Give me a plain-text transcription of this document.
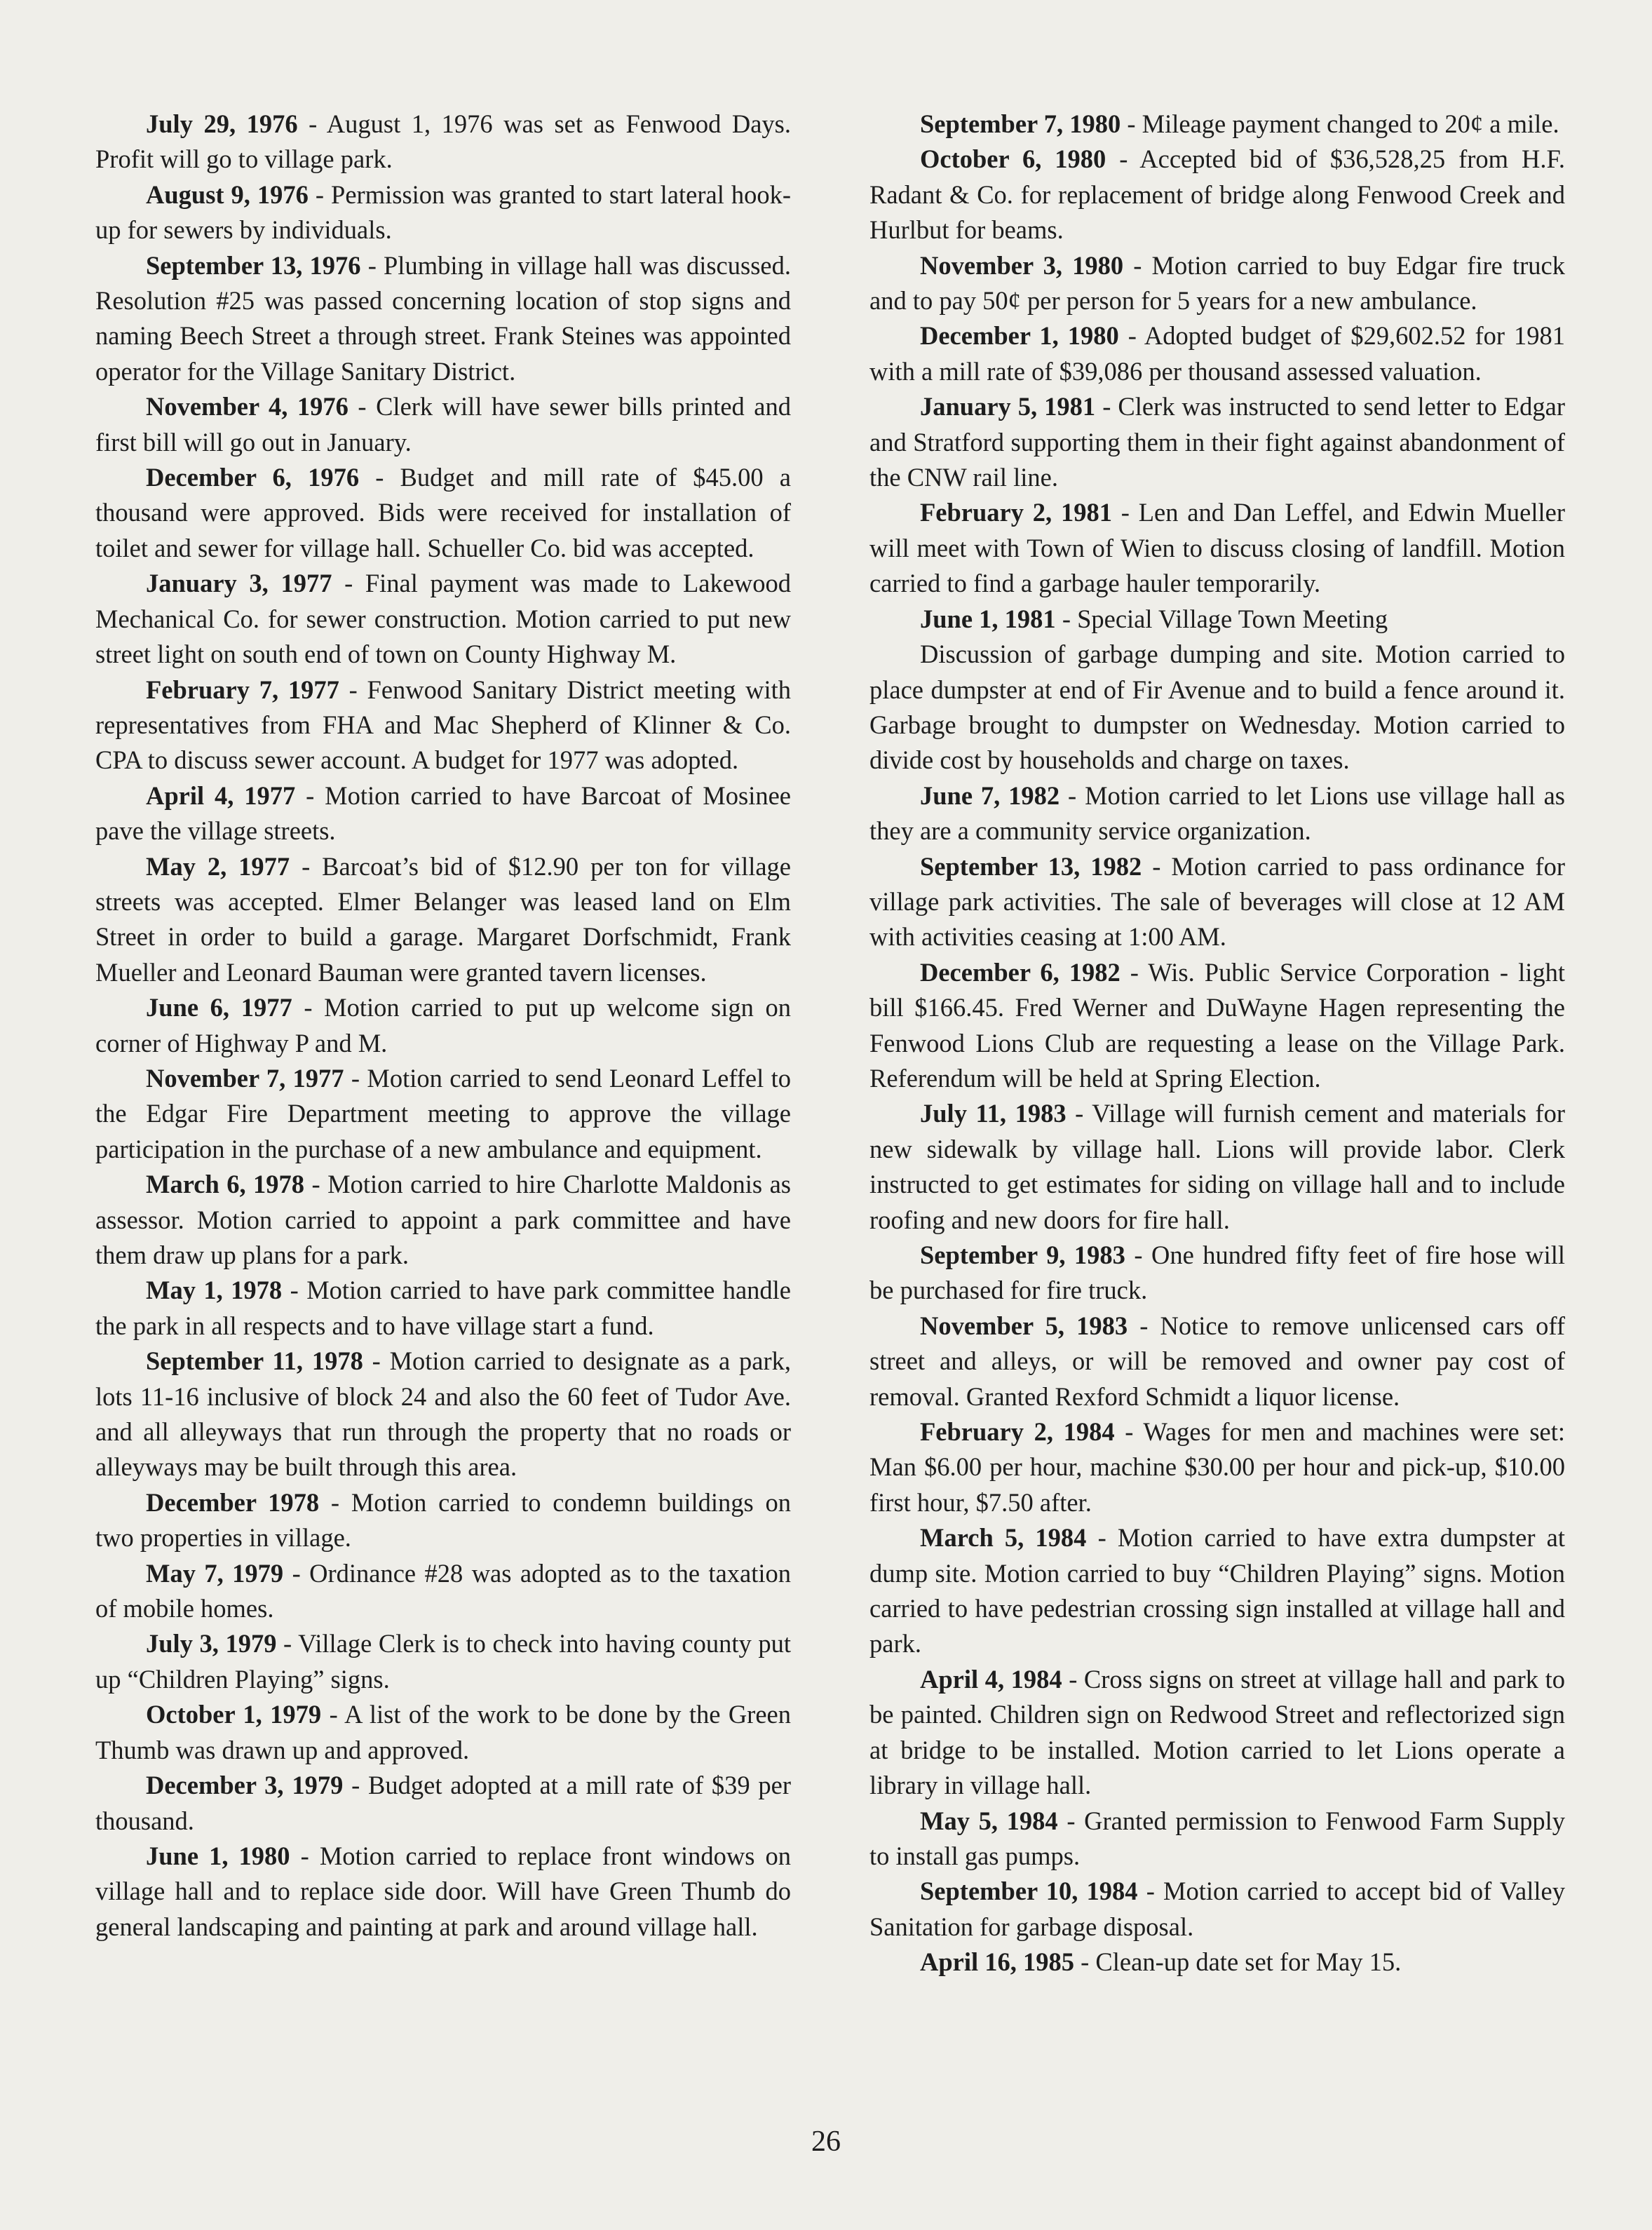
July 29, 1976 - August 1, 1976 was set as Fenwood Days. Profit will go to village park.

August 9, 1976 - Permission was granted to start lateral hook-up for sewers by individuals.

September 13, 1976 - Plumbing in village hall was discussed. Resolution #25 was passed concerning location of stop signs and naming Beech Street a through street. Frank Steines was appointed operator for the Village Sanitary District.

November 4, 1976 - Clerk will have sewer bills printed and first bill will go out in January.

December 6, 1976 - Budget and mill rate of $45.00 a thousand were approved. Bids were received for installation of toilet and sewer for village hall. Schueller Co. bid was accepted.

January 3, 1977 - Final payment was made to Lakewood Mechanical Co. for sewer construction. Motion carried to put new street light on south end of town on County Highway M.

February 7, 1977 - Fenwood Sanitary District meeting with representatives from FHA and Mac Shepherd of Klinner & Co. CPA to discuss sewer account. A budget for 1977 was adopted.

April 4, 1977 - Motion carried to have Barcoat of Mosinee pave the village streets.

May 2, 1977 - Barcoat’s bid of $12.90 per ton for village streets was accepted. Elmer Belanger was leased land on Elm Street in order to build a garage. Margaret Dorfschmidt, Frank Mueller and Leonard Bauman were granted tavern licenses.

June 6, 1977 - Motion carried to put up welcome sign on corner of Highway P and M.

November 7, 1977 - Motion carried to send Leonard Leffel to the Edgar Fire Department meeting to approve the village participation in the purchase of a new ambulance and equipment.

March 6, 1978 - Motion carried to hire Charlotte Maldonis as assessor. Motion carried to appoint a park committee and have them draw up plans for a park.

May 1, 1978 - Motion carried to have park committee handle the park in all respects and to have village start a fund.

September 11, 1978 - Motion carried to designate as a park, lots 11-16 inclusive of block 24 and also the 60 feet of Tudor Ave. and all alleyways that run through the property that no roads or alleyways may be built through this area.

December 1978 - Motion carried to condemn buildings on two properties in village.

May 7, 1979 - Ordinance #28 was adopted as to the taxation of mobile homes.

July 3, 1979 - Village Clerk is to check into having county put up “Children Playing” signs.

October 1, 1979 - A list of the work to be done by the Green Thumb was drawn up and approved.

December 3, 1979 - Budget adopted at a mill rate of $39 per thousand.

June 1, 1980 - Motion carried to replace front windows on village hall and to replace side door. Will have Green Thumb do general landscaping and painting at park and around village hall.

September 7, 1980 - Mileage payment changed to 20¢ a mile.

October 6, 1980 - Accepted bid of $36,528,25 from H.F. Radant & Co. for replacement of bridge along Fenwood Creek and Hurlbut for beams.

November 3, 1980 - Motion carried to buy Edgar fire truck and to pay 50¢ per person for 5 years for a new ambulance.

December 1, 1980 - Adopted budget of $29,602.52 for 1981 with a mill rate of $39,086 per thousand assessed valuation.

January 5, 1981 - Clerk was instructed to send letter to Edgar and Stratford supporting them in their fight against abandonment of the CNW rail line.

February 2, 1981 - Len and Dan Leffel, and Edwin Mueller will meet with Town of Wien to discuss closing of landfill. Motion carried to find a garbage hauler temporarily.

June 1, 1981 - Special Village Town Meeting

Discussion of garbage dumping and site. Motion carried to place dumpster at end of Fir Avenue and to build a fence around it. Garbage brought to dumpster on Wednesday. Motion carried to divide cost by households and charge on taxes.

June 7, 1982 - Motion carried to let Lions use village hall as they are a community service organization.

September 13, 1982 - Motion carried to pass ordinance for village park activities. The sale of beverages will close at 12 AM with activities ceasing at 1:00 AM.

December 6, 1982 - Wis. Public Service Corporation - light bill $166.45. Fred Werner and DuWayne Hagen representing the Fenwood Lions Club are requesting a lease on the Village Park. Referendum will be held at Spring Election.

July 11, 1983 - Village will furnish cement and materials for new sidewalk by village hall. Lions will provide labor. Clerk instructed to get estimates for siding on village hall and to include roofing and new doors for fire hall.

September 9, 1983 - One hundred fifty feet of fire hose will be purchased for fire truck.

November 5, 1983 - Notice to remove unlicensed cars off street and alleys, or will be removed and owner pay cost of removal. Granted Rexford Schmidt a liquor license.

February 2, 1984 - Wages for men and machines were set: Man $6.00 per hour, machine $30.00 per hour and pick-up, $10.00 first hour, $7.50 after.

March 5, 1984 - Motion carried to have extra dumpster at dump site. Motion carried to buy “Children Playing” signs. Motion carried to have pedestrian crossing sign installed at village hall and park.

April 4, 1984 - Cross signs on street at village hall and park to be painted. Children sign on Redwood Street and reflectorized sign at bridge to be installed. Motion carried to let Lions operate a library in village hall.

May 5, 1984 - Granted permission to Fenwood Farm Supply to install gas pumps.

September 10, 1984 - Motion carried to accept bid of Valley Sanitation for garbage disposal.

April 16, 1985 - Clean-up date set for May 15.

26
